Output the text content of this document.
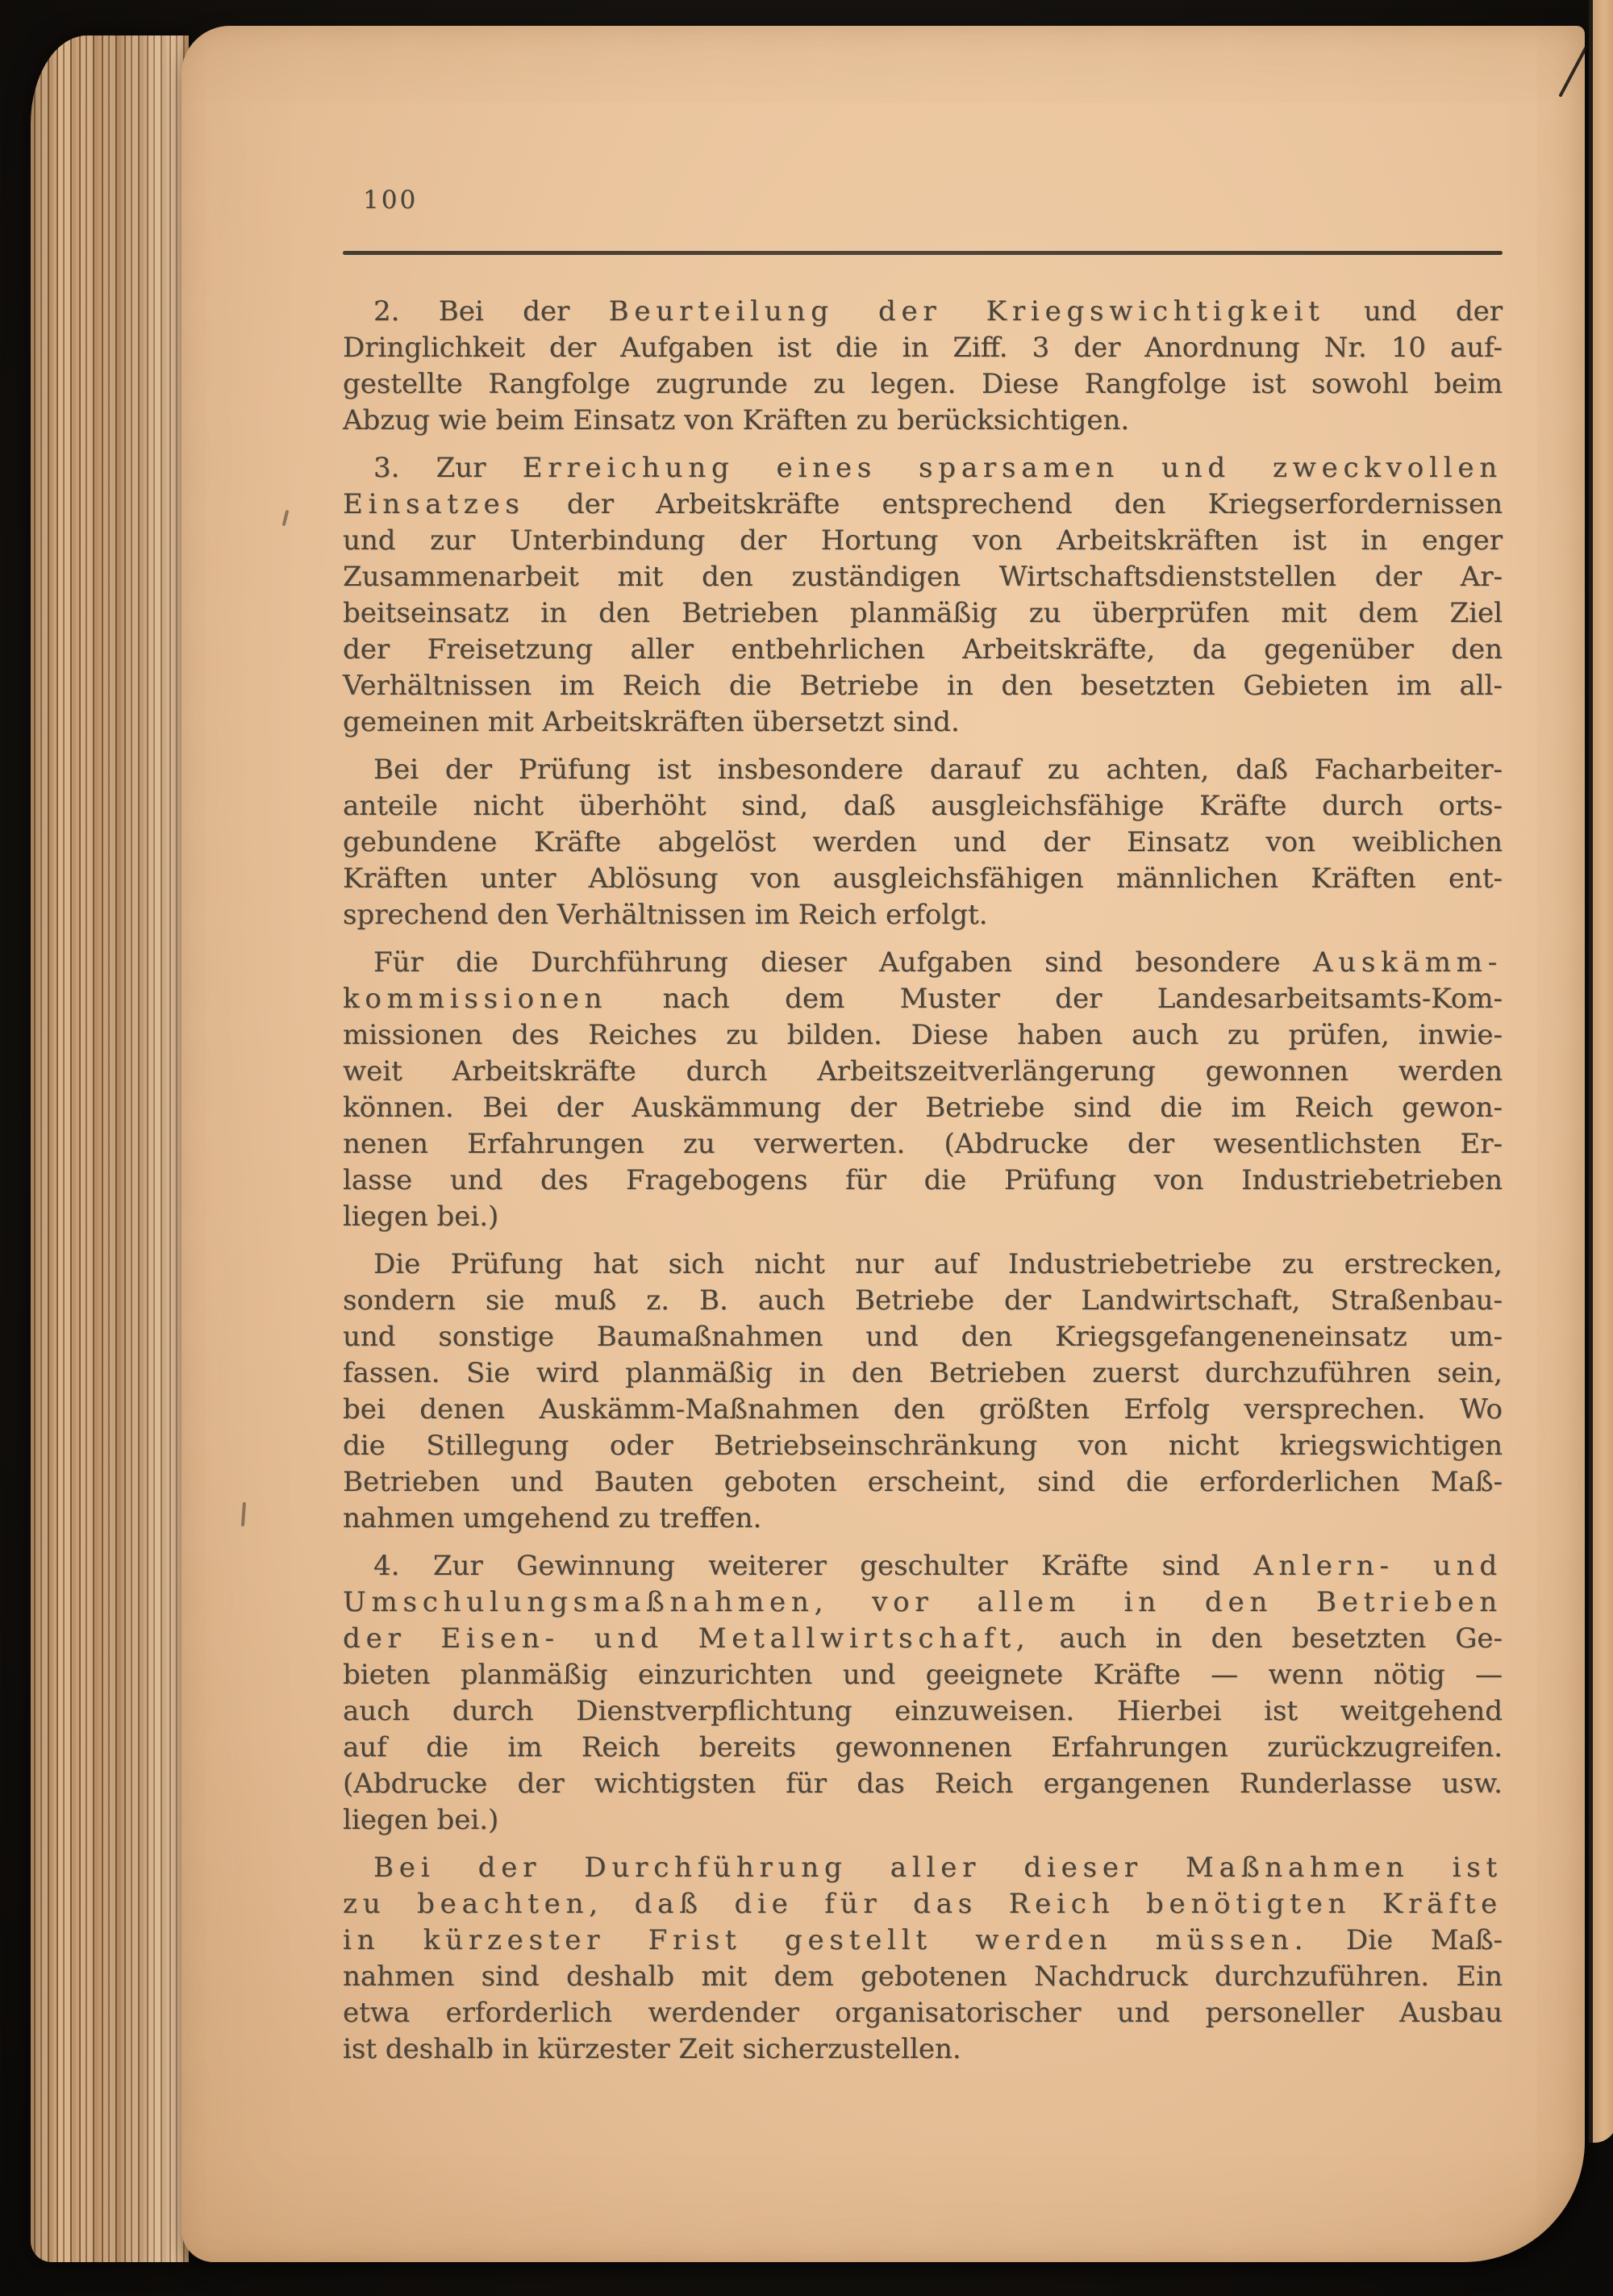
100
2. Bei der Beurteilung der Kriegswichtigkeit und der
Dringlichkeit der Aufgaben ist die in Ziff. 3 der Anordnung Nr. 10 auf-
gestellte Rangfolge zugrunde zu legen. Diese Rangfolge ist sowohl beim
Abzug wie beim Einsatz von Kräften zu berücksichtigen.
3. Zur Erreichung eines sparsamen und zweckvollen
Einsatzes der Arbeitskräfte entsprechend den Kriegserfordernissen
und zur Unterbindung der Hortung von Arbeitskräften ist in enger
Zusammenarbeit mit den zuständigen Wirtschaftsdienststellen der Ar-
beitseinsatz in den Betrieben planmäßig zu überprüfen mit dem Ziel
der Freisetzung aller entbehrlichen Arbeitskräfte, da gegenüber den
Verhältnissen im Reich die Betriebe in den besetzten Gebieten im all-
gemeinen mit Arbeitskräften übersetzt sind.
Bei der Prüfung ist insbesondere darauf zu achten, daß Facharbeiter-
anteile nicht überhöht sind, daß ausgleichsfähige Kräfte durch orts-
gebundene Kräfte abgelöst werden und der Einsatz von weiblichen
Kräften unter Ablösung von ausgleichsfähigen männlichen Kräften ent-
sprechend den Verhältnissen im Reich erfolgt.
Für die Durchführung dieser Aufgaben sind besondere Auskämm-
kommissionen nach dem Muster der Landesarbeitsamts-Kom-
missionen des Reiches zu bilden. Diese haben auch zu prüfen, inwie-
weit Arbeitskräfte durch Arbeitszeitverlängerung gewonnen werden
können. Bei der Auskämmung der Betriebe sind die im Reich gewon-
nenen Erfahrungen zu verwerten. (Abdrucke der wesentlichsten Er-
lasse und des Fragebogens für die Prüfung von Industriebetrieben
liegen bei.)
Die Prüfung hat sich nicht nur auf Industriebetriebe zu erstrecken,
sondern sie muß z. B. auch Betriebe der Landwirtschaft, Straßenbau-
und sonstige Baumaßnahmen und den Kriegsgefangeneneinsatz um-
fassen. Sie wird planmäßig in den Betrieben zuerst durchzuführen sein,
bei denen Auskämm-Maßnahmen den größten Erfolg versprechen. Wo
die Stillegung oder Betriebseinschränkung von nicht kriegswichtigen
Betrieben und Bauten geboten erscheint, sind die erforderlichen Maß-
nahmen umgehend zu treffen.
4. Zur Gewinnung weiterer geschulter Kräfte sind Anlern- und
Umschulungsmaßnahmen, vor allem in den Betrieben
der Eisen- und Metallwirtschaft, auch in den besetzten Ge-
bieten planmäßig einzurichten und geeignete Kräfte — wenn nötig —
auch durch Dienstverpflichtung einzuweisen. Hierbei ist weitgehend
auf die im Reich bereits gewonnenen Erfahrungen zurückzugreifen.
(Abdrucke der wichtigsten für das Reich ergangenen Runderlasse usw.
liegen bei.)
Bei der Durchführung aller dieser Maßnahmen ist
zu beachten, daß die für das Reich benötigten Kräfte
in kürzester Frist gestellt werden müssen. Die Maß-
nahmen sind deshalb mit dem gebotenen Nachdruck durchzuführen. Ein
etwa erforderlich werdender organisatorischer und personeller Ausbau
ist deshalb in kürzester Zeit sicherzustellen.
